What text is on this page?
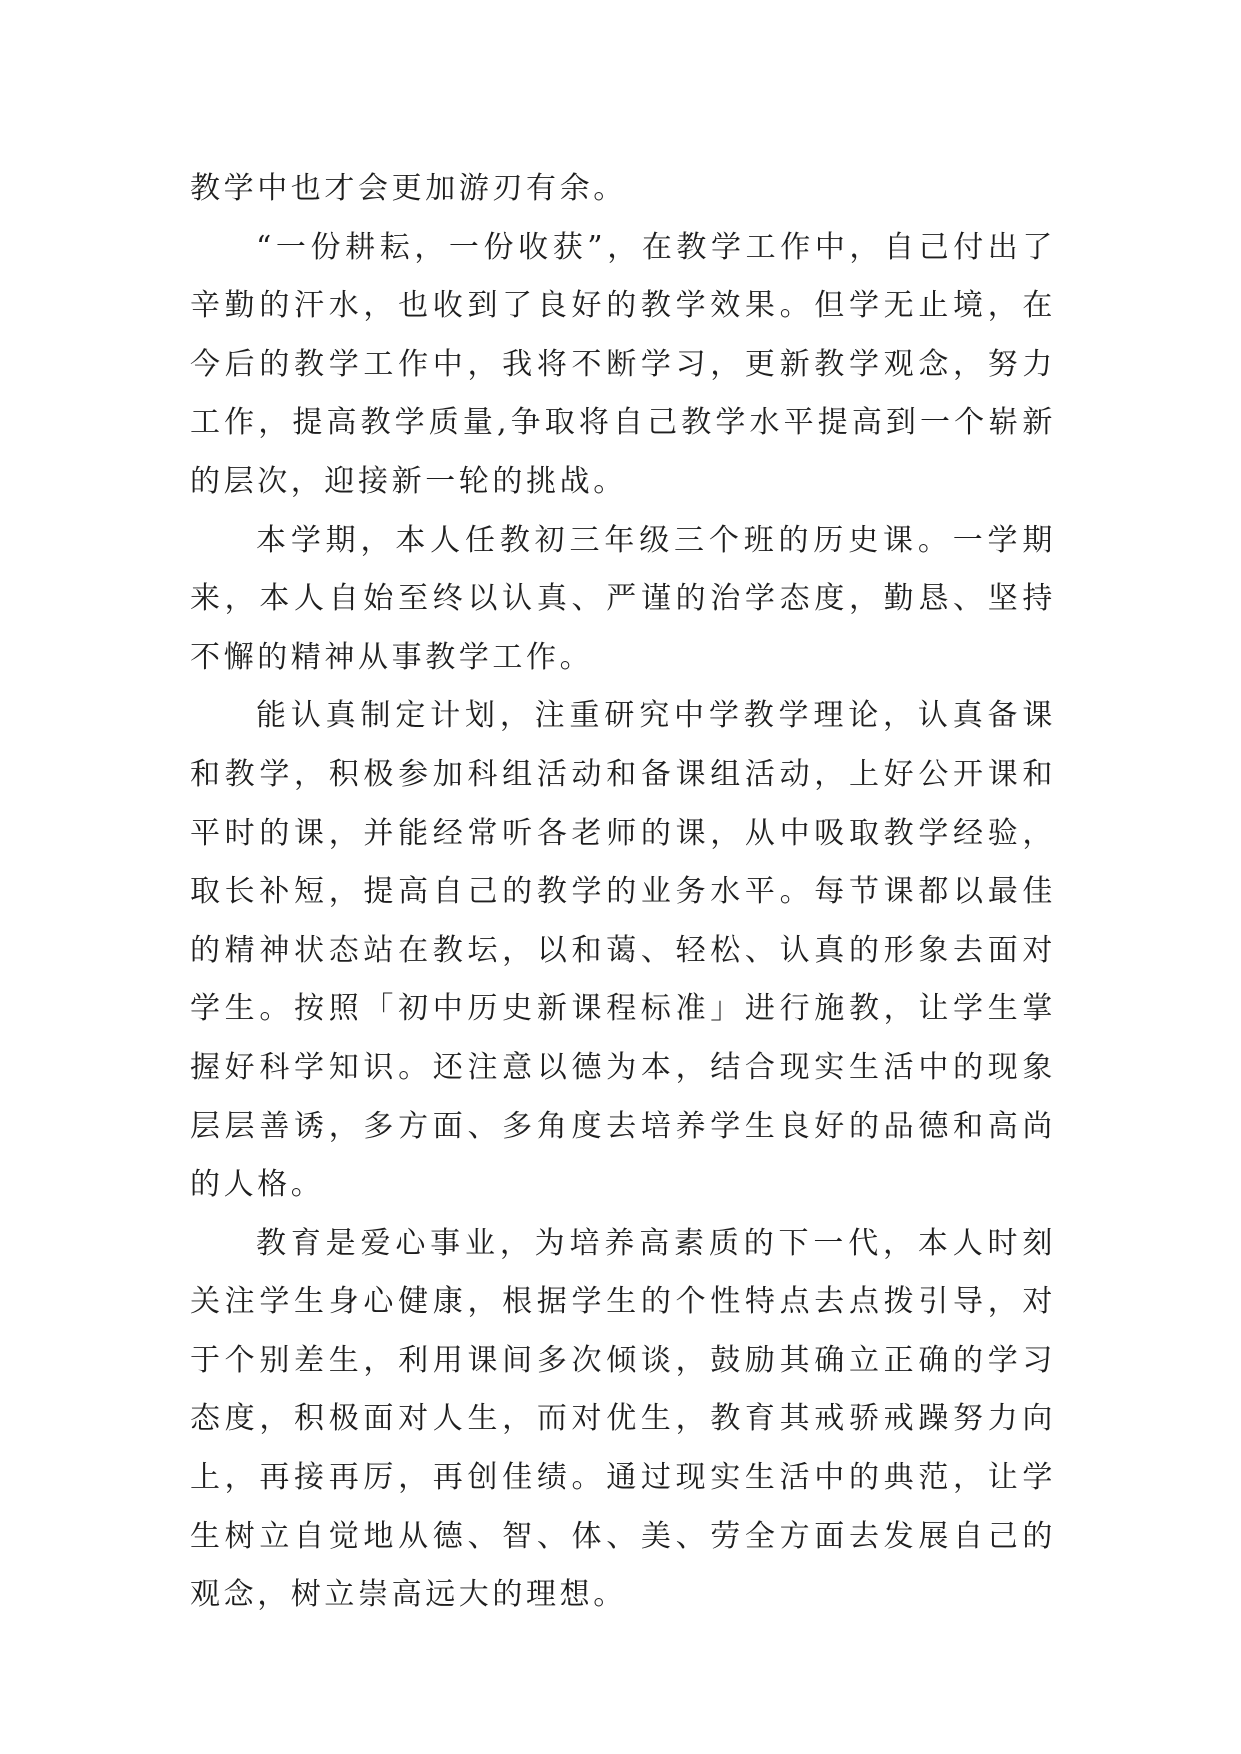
教学中也才会更加游刃有余。

“一份耕耘，一份收获”，在教学工作中，自己付出了辛勤的汗水，也收到了良好的教学效果。但学无止境，在今后的教学工作中，我将不断学习，更新教学观念，努力工作，提高教学质量,争取将自己教学水平提高到一个崭新的层次，迎接新一轮的挑战。

本学期，本人任教初三年级三个班的历史课。一学期来，本人自始至终以认真、严谨的治学态度，勤恳、坚持不懈的精神从事教学工作。

能认真制定计划，注重研究中学教学理论，认真备课和教学，积极参加科组活动和备课组活动，上好公开课和平时的课，并能经常听各老师的课，从中吸取教学经验，取长补短，提高自己的教学的业务水平。每节课都以最佳的精神状态站在教坛，以和蔼、轻松、认真的形象去面对学生。按照「初中历史新课程标准」进行施教，让学生掌握好科学知识。还注意以德为本，结合现实生活中的现象层层善诱，多方面、多角度去培养学生良好的品德和高尚的人格。

教育是爱心事业，为培养高素质的下一代，本人时刻关注学生身心健康，根据学生的个性特点去点拨引导，对于个别差生，利用课间多次倾谈，鼓励其确立正确的学习态度，积极面对人生，而对优生，教育其戒骄戒躁努力向上，再接再厉，再创佳绩。通过现实生活中的典范，让学生树立自觉地从德、智、体、美、劳全方面去发展自己的观念，树立崇高远大的理想。
